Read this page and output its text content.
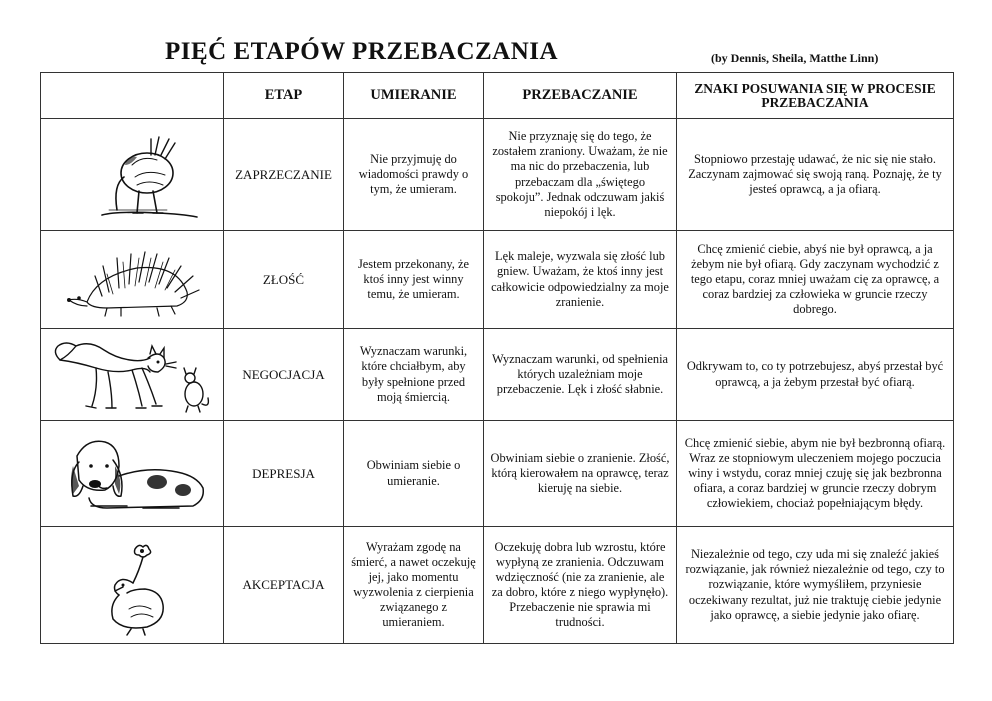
PIĘĆ ETAPÓW PRZEBACZANIA	(by Dennis, Sheila, Matthe Linn)
	ETAP	UMIERANIE	PRZEBACZANIE	ZNAKI POSUWANIA SIĘ W PROCESIE PRZEBACZANIA

	ZAPRZECZANIE	Nie przyjmuję do wiadomości prawdy o tym, że umieram.	Nie przyznaję się do tego, że zostałem zraniony. Uważam, że nie ma nic do przebaczenia, lub przebaczam dla „świętego spokoju”. Jednak odczuwam jakiś niepokój i lęk.	Stopniowo przestaję udawać, że nic się nie stało. Zaczynam zajmować się swoją raną. Poznaję, że ty jesteś oprawcą, a ja ofiarą.

	ZŁOŚĆ	Jestem przekonany, że ktoś inny jest winny temu, że umieram.	Lęk maleje, wyzwala się złość lub gniew. Uważam, że ktoś inny jest całkowicie odpowiedzialny za moje zranienie.	Chcę zmienić ciebie, abyś nie był oprawcą, a ja żebym nie był ofiarą. Gdy zaczynam wychodzić z tego etapu, coraz mniej uważam cię za oprawcę, a coraz bardziej za człowieka w gruncie rzeczy dobrego.

	NEGOCJACJA	Wyznaczam warunki, które chciałbym, aby były spełnione przed moją śmiercią.	Wyznaczam warunki, od spełnienia których uzależniam moje przebaczenie. Lęk i złość słabnie.	Odkrywam to, co ty potrzebujesz, abyś przestał być oprawcą, a ja żebym przestał być ofiarą.

	DEPRESJA	Obwiniam siebie o umieranie.	Obwiniam siebie o zranienie. Złość, którą kierowałem na oprawcę, teraz kieruję na siebie.	Chcę zmienić siebie, abym nie był bezbronną ofiarą. Wraz ze stopniowym uleczeniem mojego poczucia winy i wstydu, coraz mniej czuję się jak bezbronna ofiara, a coraz bardziej w gruncie rzeczy dobrym człowiekiem, chociaż popełniającym błędy.

	AKCEPTACJA	Wyrażam zgodę na śmierć, a nawet oczekuję jej, jako momentu wyzwolenia z cierpienia związanego z umieraniem.	Oczekuję dobra lub wzrostu, które wypłyną ze zranienia. Odczuwam wdzięczność (nie za zranienie, ale za dobro, które z niego wypłynęło). Przebaczenie nie sprawia mi trudności.	Niezależnie od tego, czy uda mi się znaleźć jakieś rozwiązanie, jak również niezależnie od tego, czy to rozwiązanie, które wymyśliłem, przyniesie oczekiwany rezultat, już nie traktuję ciebie jedynie jako oprawcę, a siebie jedynie jako ofiarę.
